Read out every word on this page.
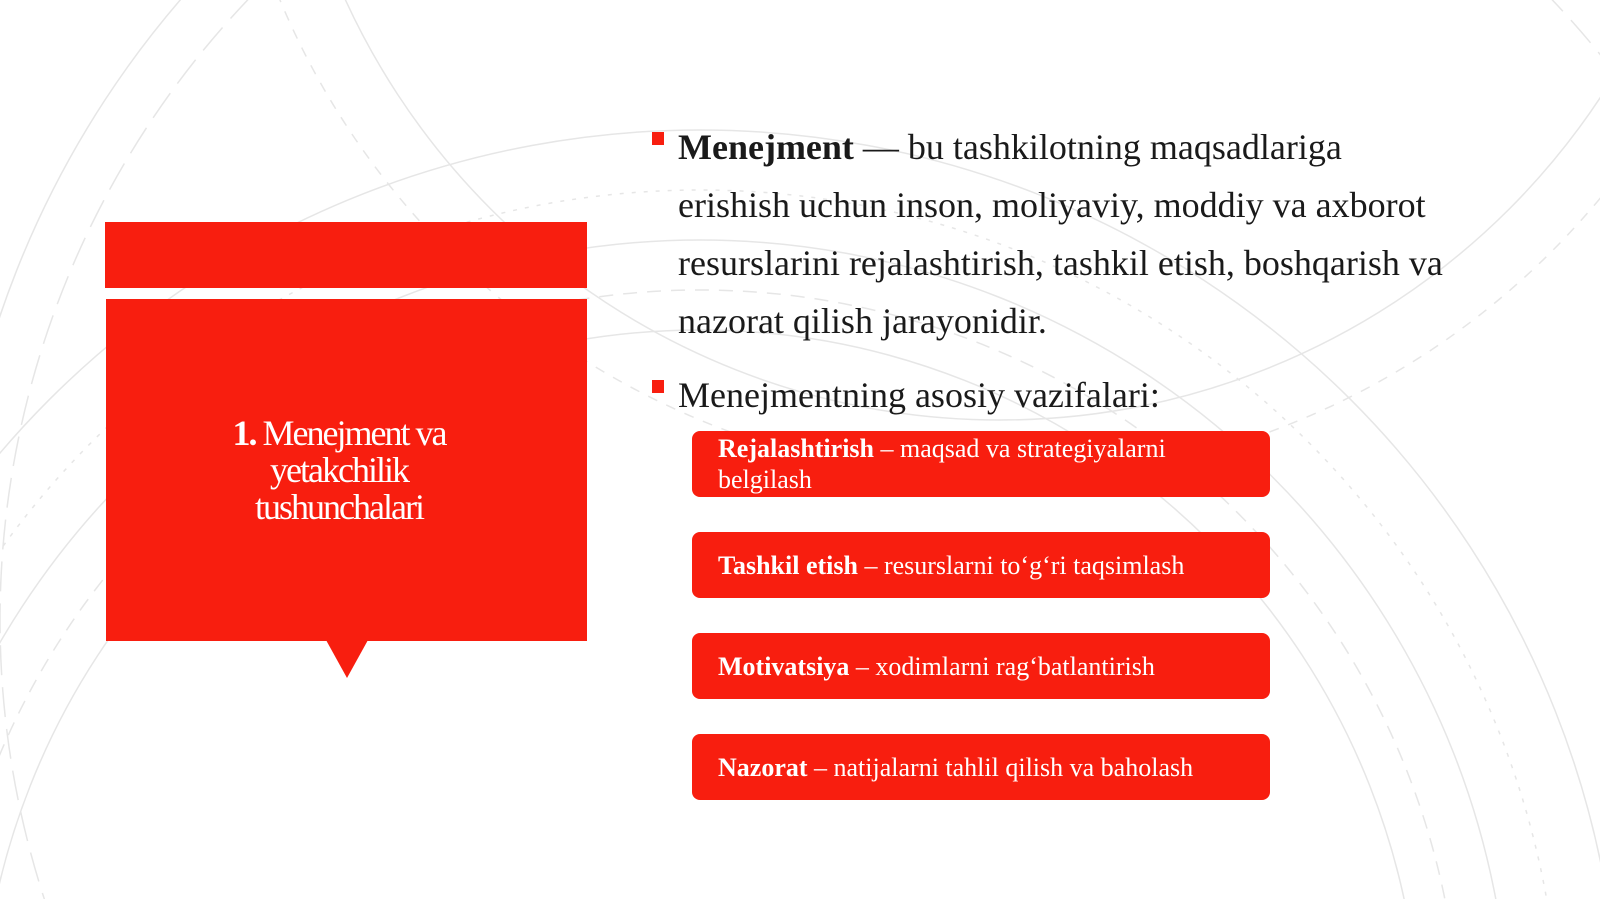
1. Menejment va yetakchilik tushunchalari
Menejment — bu tashkilotning maqsadlariga erishish uchun inson, moliyaviy, moddiy va axborot resurslarini rejalashtirish, tashkil etish, boshqarish va nazorat qilish jarayonidir.
Menejmentning asosiy vazifalari:
Rejalashtirish – maqsad va strategiyalarni belgilash
Tashkil etish – resurslarni to‘g‘ri taqsimlash
Motivatsiya – xodimlarni rag‘batlantirish
Nazorat – natijalarni tahlil qilish va baholash
